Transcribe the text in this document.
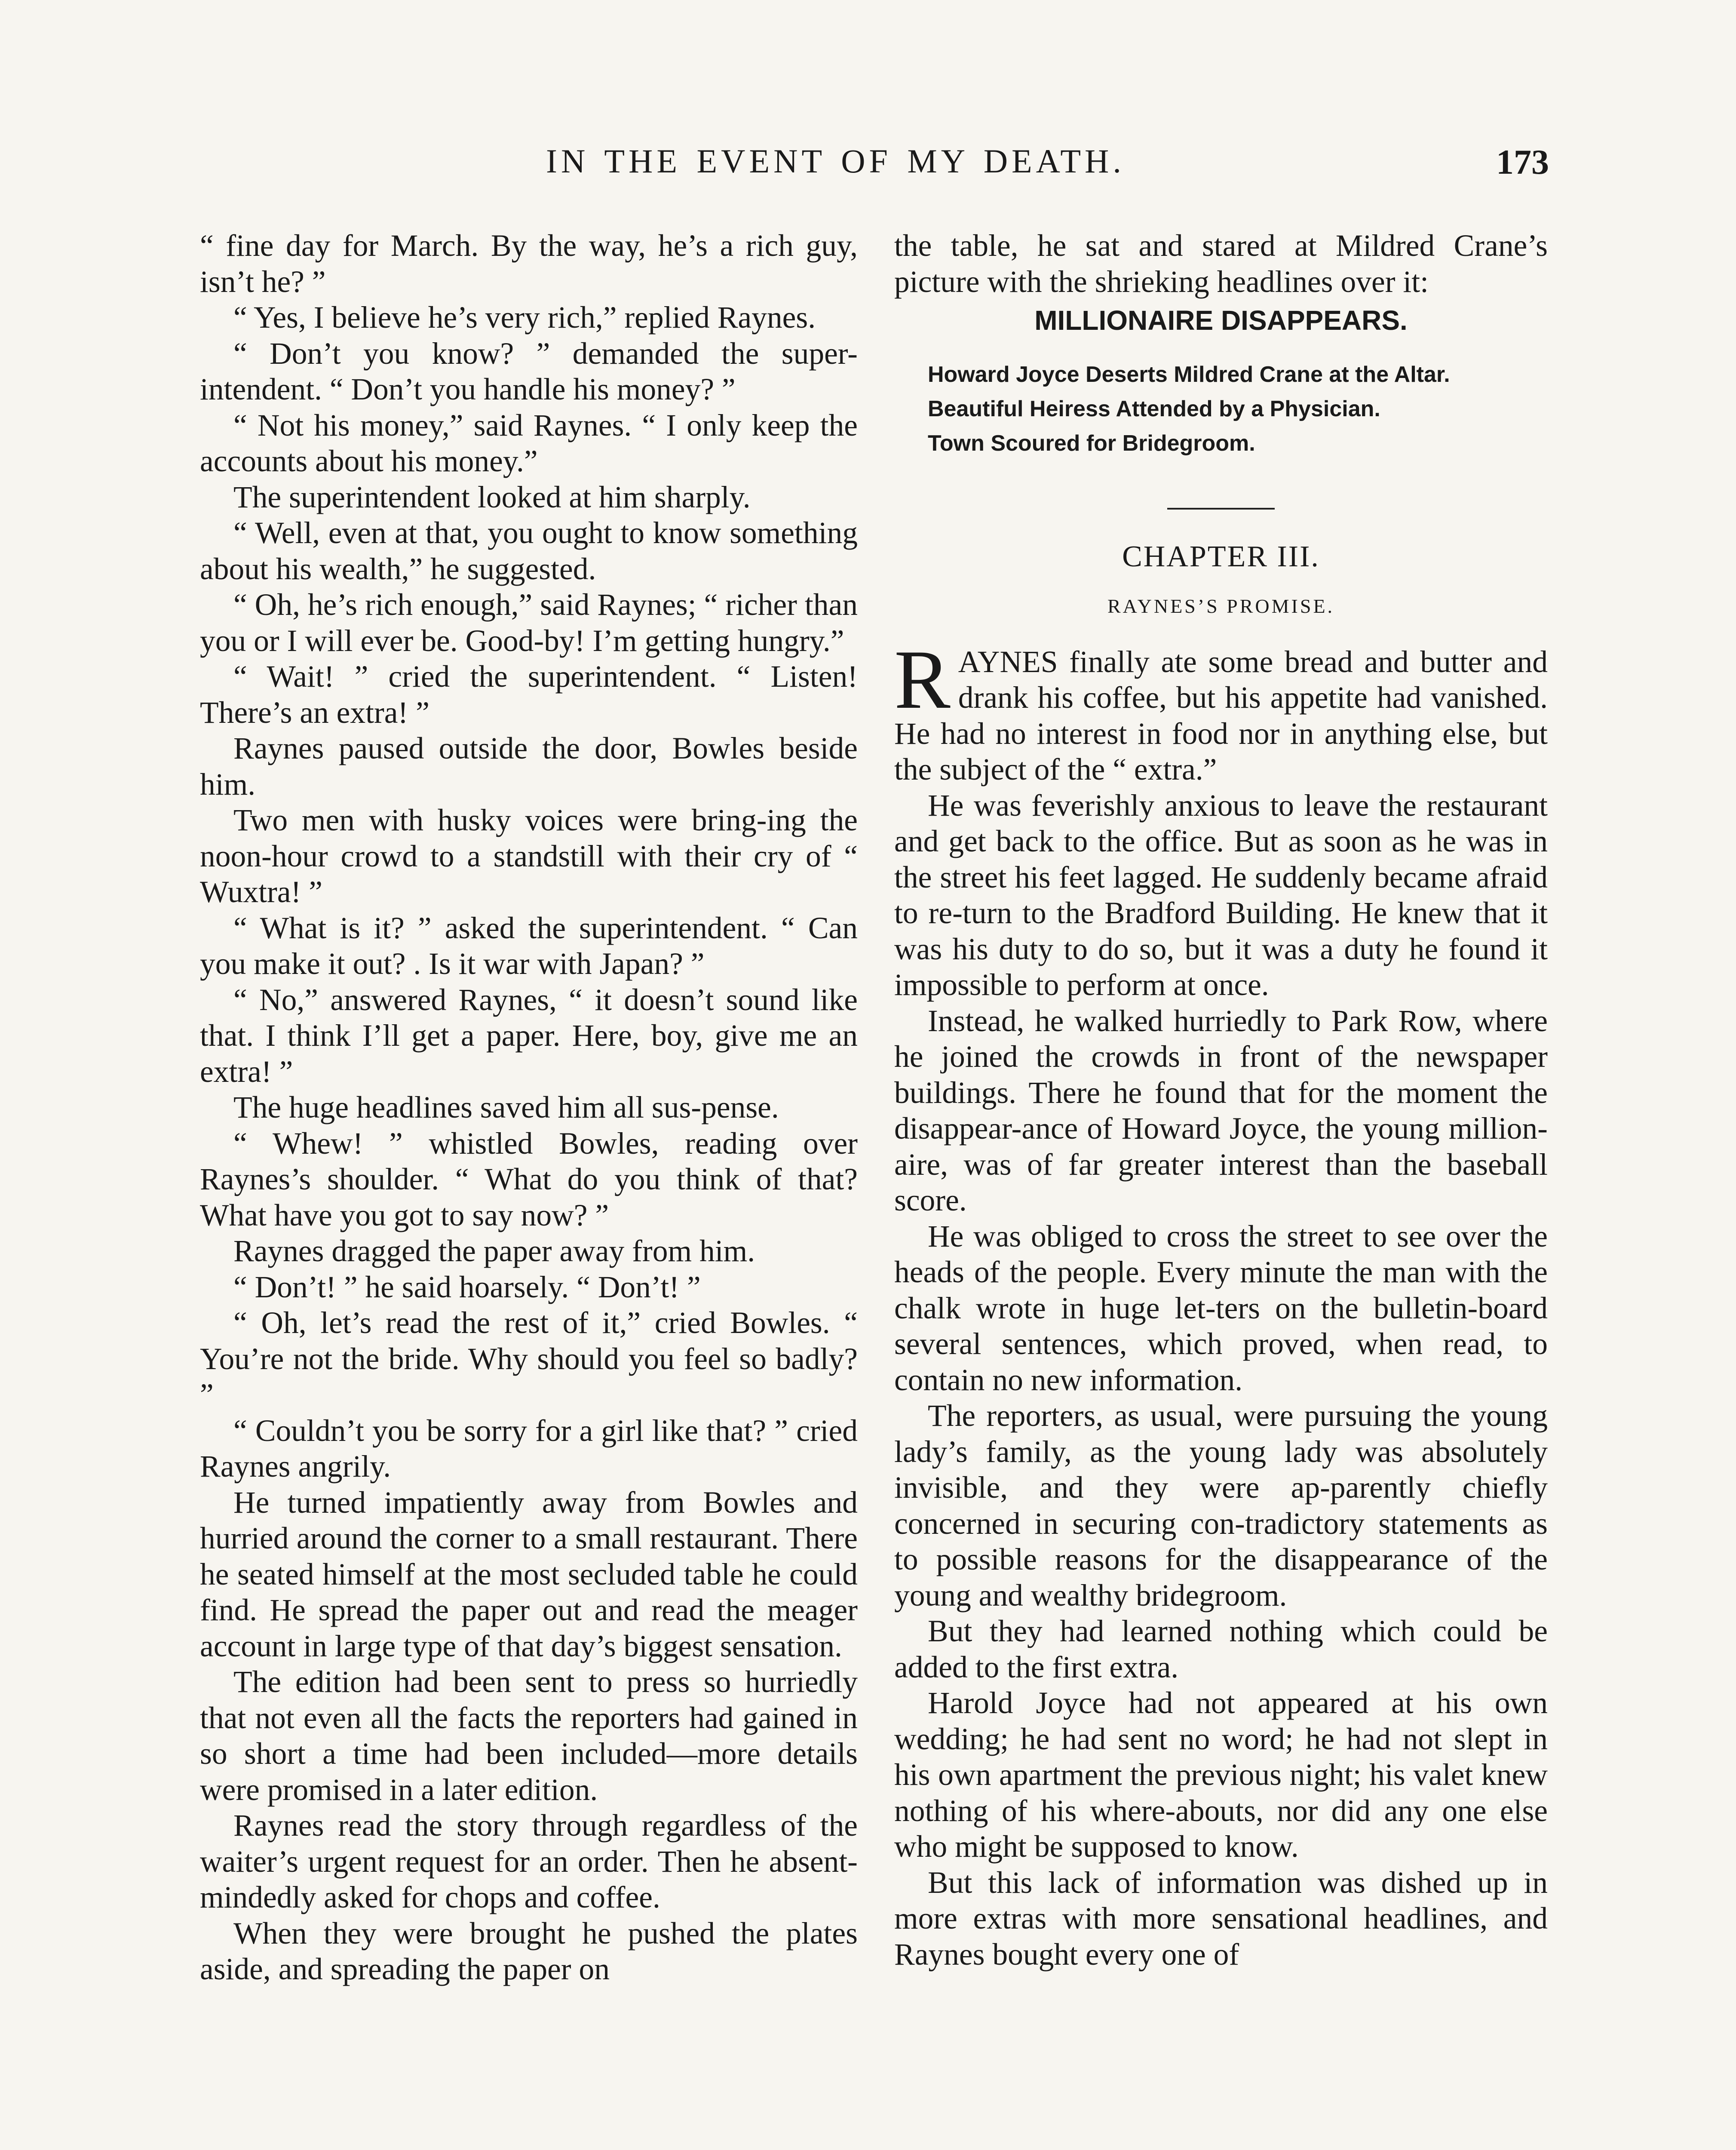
IN THE EVENT OF MY DEATH.	173

“ fine day for March. By the way, he’s a rich guy, isn’t he? ”

“ Yes, I believe he’s very rich,” replied Raynes.

“ Don’t you know? ” demanded the super-intendent. “ Don’t you handle his money? ”

“ Not his money,” said Raynes. “ I only keep the accounts about his money.”

The superintendent looked at him sharply.

“ Well, even at that, you ought to know something about his wealth,” he suggested.

“ Oh, he’s rich enough,” said Raynes; “ richer than you or I will ever be. Good-by! I’m getting hungry.”

“ Wait! ” cried the superintendent. “ Listen! There’s an extra! ”

Raynes paused outside the door, Bowles beside him.

Two men with husky voices were bring-ing the noon-hour crowd to a standstill with their cry of “ Wuxtra! ”

“ What is it? ” asked the superintendent. “ Can you make it out? . Is it war with Japan? ”

“ No,” answered Raynes, “ it doesn’t sound like that. I think I’ll get a paper. Here, boy, give me an extra! ”

The huge headlines saved him all sus-pense.

“ Whew! ” whistled Bowles, reading over Raynes’s shoulder. “ What do you think of that? What have you got to say now? ”

Raynes dragged the paper away from him.

“ Don’t! ” he said hoarsely. “ Don’t! ”

“ Oh, let’s read the rest of it,” cried Bowles. “ You’re not the bride. Why should you feel so badly? ”

“ Couldn’t you be sorry for a girl like that? ” cried Raynes angrily.

He turned impatiently away from Bowles and hurried around the corner to a small restaurant. There he seated himself at the most secluded table he could find. He spread the paper out and read the meager account in large type of that day’s biggest sensation.

The edition had been sent to press so hurriedly that not even all the facts the reporters had gained in so short a time had been included—more details were promised in a later edition.

Raynes read the story through regardless of the waiter’s urgent request for an order. Then he absent-mindedly asked for chops and coffee.

When they were brought he pushed the plates aside, and spreading the paper on

the table, he sat and stared at Mildred Crane’s picture with the shrieking headlines over it:

MILLIONAIRE DISAPPEARS.

Howard Joyce Deserts Mildred Crane at the Altar.

Beautiful Heiress Attended by a Physician.

Town Scoured for Bridegroom.

CHAPTER III.
RAYNES’S PROMISE.

RAYNES finally ate some bread and butter and drank his coffee, but his appetite had vanished. He had no interest in food nor in anything else, but the subject of the “ extra.”

He was feverishly anxious to leave the restaurant and get back to the office. But as soon as he was in the street his feet lagged. He suddenly became afraid to re-turn to the Bradford Building. He knew that it was his duty to do so, but it was a duty he found it impossible to perform at once.

Instead, he walked hurriedly to Park Row, where he joined the crowds in front of the newspaper buildings. There he found that for the moment the disappear-ance of Howard Joyce, the young million-aire, was of far greater interest than the baseball score.

He was obliged to cross the street to see over the heads of the people. Every minute the man with the chalk wrote in huge let-ters on the bulletin-board several sentences, which proved, when read, to contain no new information.

The reporters, as usual, were pursuing the young lady’s family, as the young lady was absolutely invisible, and they were ap-parently chiefly concerned in securing con-tradictory statements as to possible reasons for the disappearance of the young and wealthy bridegroom.

But they had learned nothing which could be added to the first extra.

Harold Joyce had not appeared at his own wedding; he had sent no word; he had not slept in his own apartment the previous night; his valet knew nothing of his where-abouts, nor did any one else who might be supposed to know.

But this lack of information was dished up in more extras with more sensational headlines, and Raynes bought every one of
